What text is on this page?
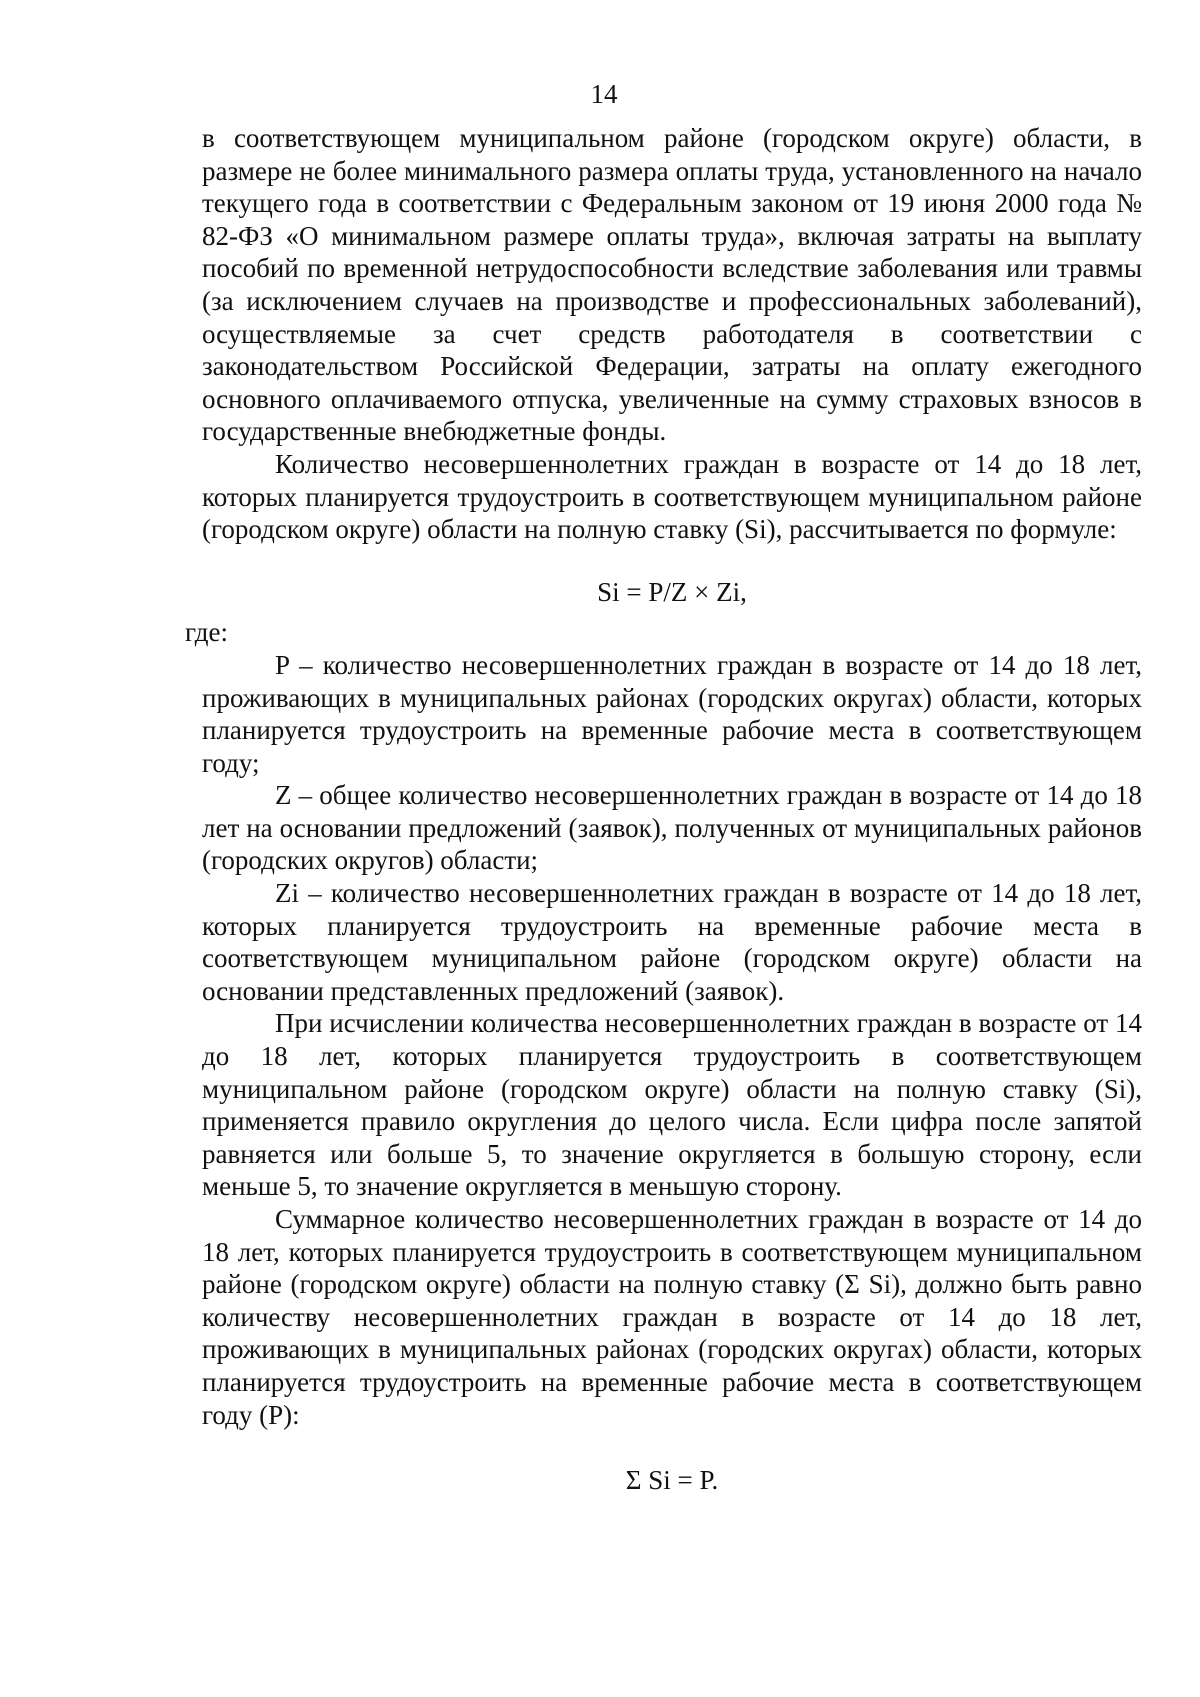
14

в соответствующем муниципальном районе (городском округе) области, в размере не более минимального размера оплаты труда, установленного на начало текущего года в соответствии с Федеральным законом от 19 июня 2000 года № 82-ФЗ «О минимальном размере оплаты труда», включая затраты на выплату пособий по временной нетрудоспособности вследствие заболевания или травмы (за исключением случаев на производстве и профессиональных заболеваний), осуществляемые за счет средств работодателя в соответствии с законодательством Российской Федерации, затраты на оплату ежегодного основного оплачиваемого отпуска, увеличенные на сумму страховых взносов в государственные внебюджетные фонды.

Количество несовершеннолетних граждан в возрасте от 14 до 18 лет, которых планируется трудоустроить в соответствующем муниципальном районе (городском округе) области на полную ставку (Si), рассчитывается по формуле:

Si = P/Z × Zi,

где:

P – количество несовершеннолетних граждан в возрасте от 14 до 18 лет, проживающих в муниципальных районах (городских округах) области, которых планируется трудоустроить на временные рабочие места в соответствующем году;

Z – общее количество несовершеннолетних граждан в возрасте от 14 до 18 лет на основании предложений (заявок), полученных от муниципальных районов (городских округов) области;

Zi – количество несовершеннолетних граждан в возрасте от 14 до 18 лет, которых планируется трудоустроить на временные рабочие места в соответствующем муниципальном районе (городском округе) области на основании представленных предложений (заявок).

При исчислении количества несовершеннолетних граждан в возрасте от 14 до 18 лет, которых планируется трудоустроить в соответствующем муниципальном районе (городском округе) области на полную ставку (Si), применяется правило округления до целого числа. Если цифра после запятой равняется или больше 5, то значение округляется в большую сторону, если меньше 5, то значение округляется в меньшую сторону.

Суммарное количество несовершеннолетних граждан в возрасте от 14 до 18 лет, которых планируется трудоустроить в соответствующем муниципальном районе (городском округе) области на полную ставку (Σ Si), должно быть равно количеству несовершеннолетних граждан в возрасте от 14 до 18 лет, проживающих в муниципальных районах (городских округах) области, которых планируется трудоустроить на временные рабочие места в соответствующем году (P):

Σ Si = P.
